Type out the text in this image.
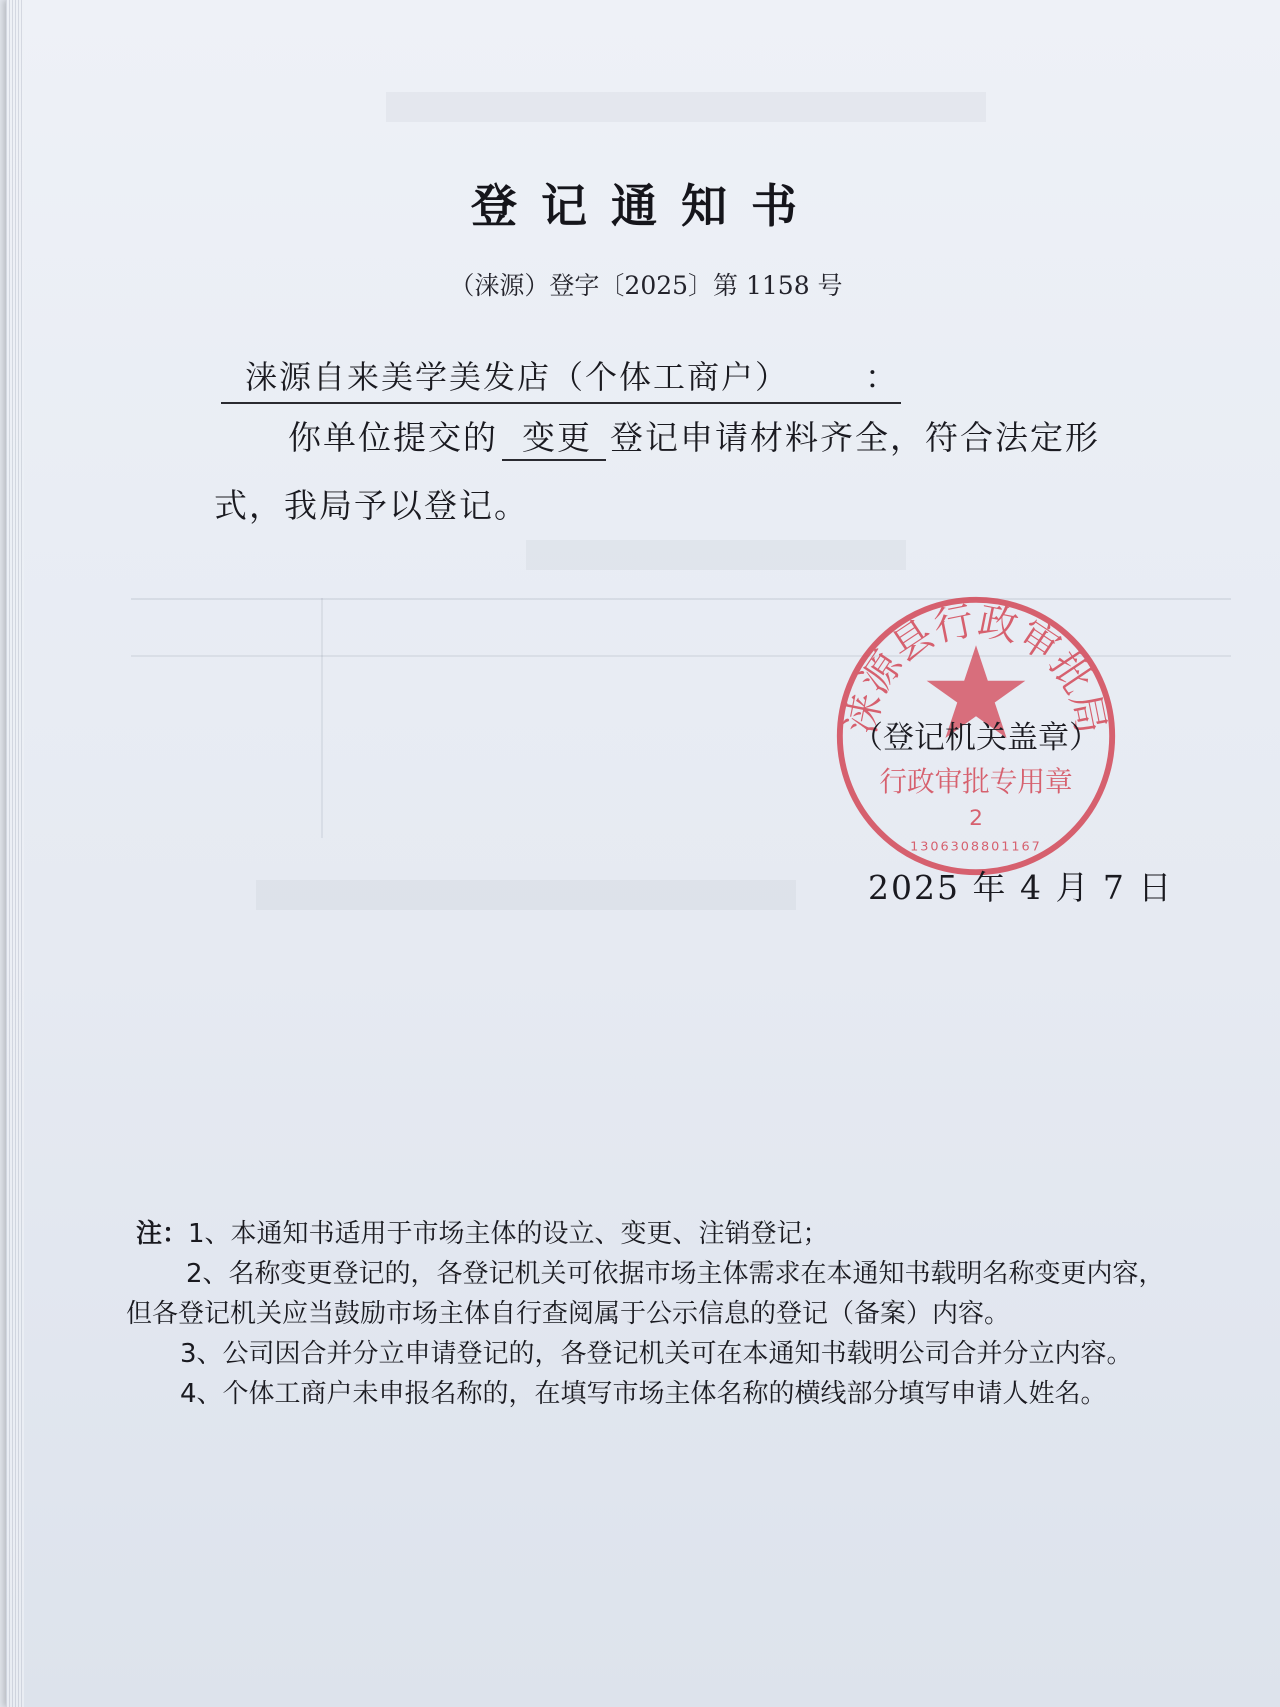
登记通知书
（涞源）登字〔2025〕第 1158 号
涞源自来美学美发店（个体工商户） ：
你单位提交的 变更 登记申请材料齐全，符合法定形
式，我局予以登记。
涞源县行政审批局
行政审批专用章
2
1306308801167
（登记机关盖章）
2025 年 4 月 7 日
注：1、本通知书适用于市场主体的设立、变更、注销登记；
2、名称变更登记的，各登记机关可依据市场主体需求在本通知书载明名称变更内容，
但各登记机关应当鼓励市场主体自行查阅属于公示信息的登记（备案）内容。
3、公司因合并分立申请登记的，各登记机关可在本通知书载明公司合并分立内容。
4、个体工商户未申报名称的，在填写市场主体名称的横线部分填写申请人姓名。
